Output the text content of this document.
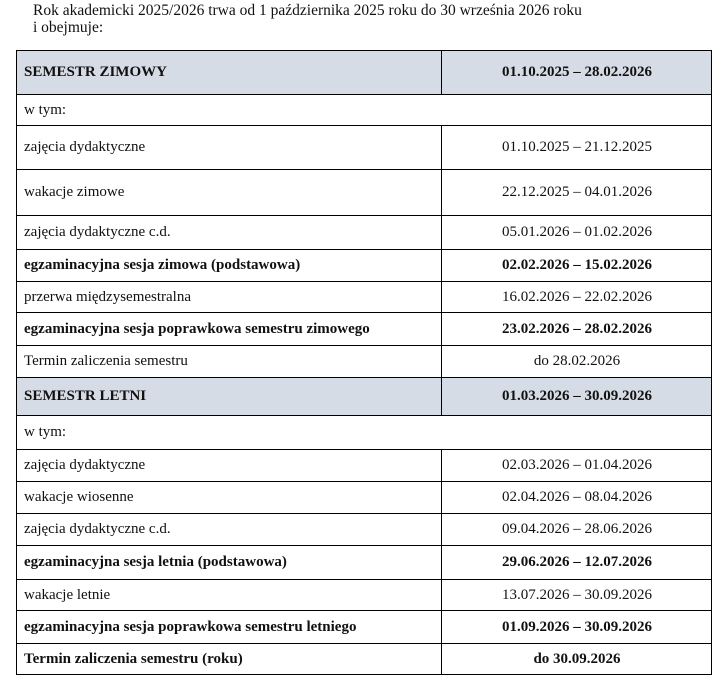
Rok akademicki 2025/2026 trwa od 1 października 2025 roku do 30 września 2026 roku
i obejmuje:

SEMESTR ZIMOWY	01.10.2025 – 28.02.2026
w tym:	
zajęcia dydaktyczne	01.10.2025 – 21.12.2025
wakacje zimowe	22.12.2025 – 04.01.2026
zajęcia dydaktyczne c.d.	05.01.2026 – 01.02.2026
egzaminacyjna sesja zimowa (podstawowa)	02.02.2026 – 15.02.2026
przerwa międzysemestralna	16.02.2026 – 22.02.2026
egzaminacyjna sesja poprawkowa semestru zimowego	23.02.2026 – 28.02.2026
Termin zaliczenia semestru	do 28.02.2026
SEMESTR LETNI	01.03.2026 – 30.09.2026
w tym:	
zajęcia dydaktyczne	02.03.2026 – 01.04.2026
wakacje wiosenne	02.04.2026 – 08.04.2026
zajęcia dydaktyczne c.d.	09.04.2026 – 28.06.2026
egzaminacyjna sesja letnia (podstawowa)	29.06.2026 – 12.07.2026
wakacje letnie	13.07.2026 – 30.09.2026
egzaminacyjna sesja poprawkowa semestru letniego	01.09.2026 – 30.09.2026
Termin zaliczenia semestru (roku)	do 30.09.2026
